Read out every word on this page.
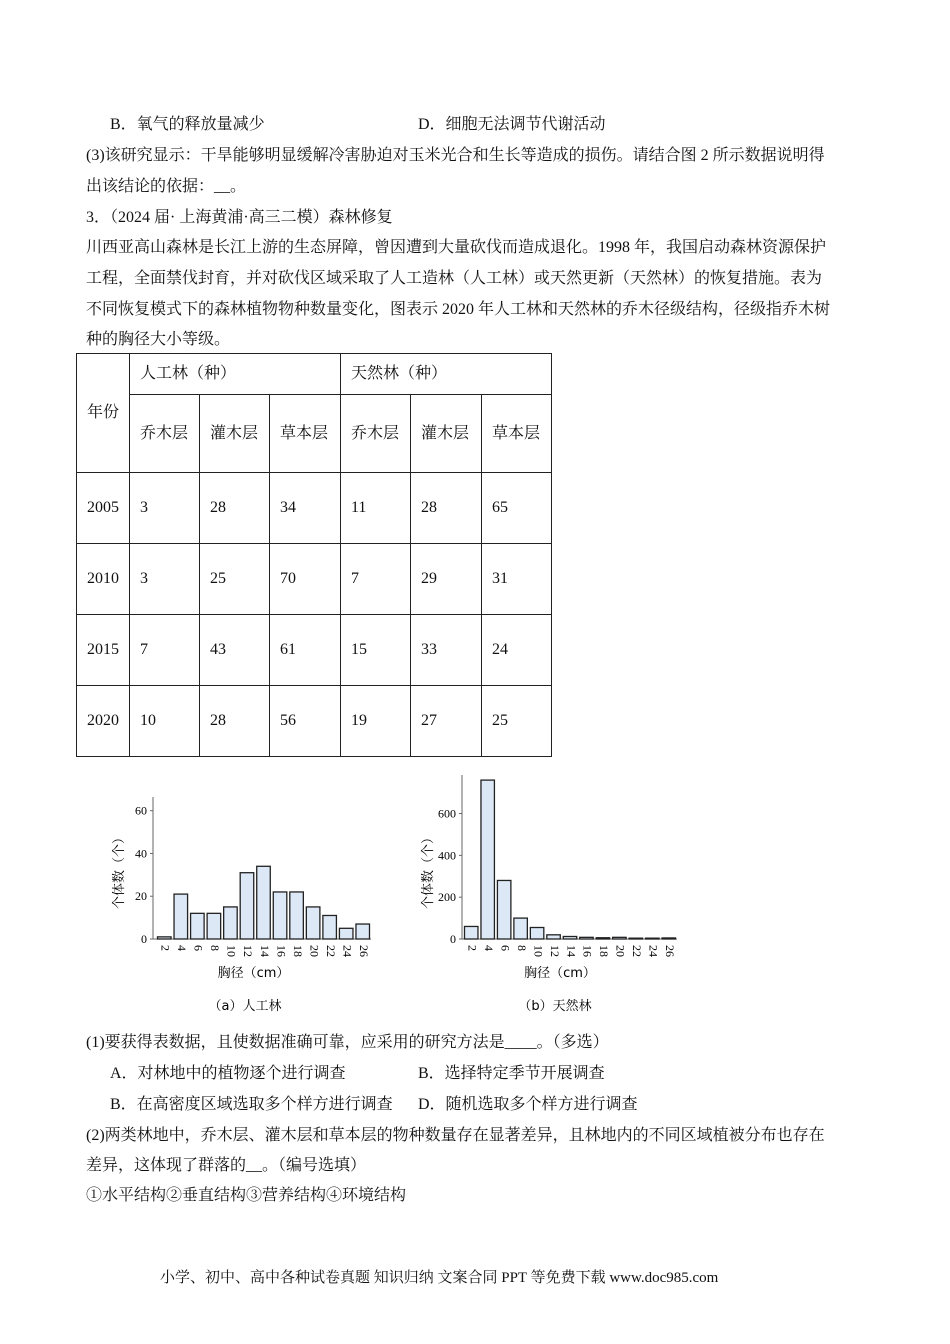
B．氧气的释放量减少	D．细胞无法调节代谢活动
(3)该研究显示：干旱能够明显缓解冷害胁迫对玉米光合和生长等造成的损伤。请结合图 2 所示数据说明得
出该结论的依据：__。
3．（2024 届· 上海黄浦·高三二模）森林修复
川西亚高山森林是长江上游的生态屏障，曾因遭到大量砍伐而造成退化。1998 年，我国启动森林资源保护
工程，全面禁伐封育，并对砍伐区域采取了人工造林（人工林）或天然更新（天然林）的恢复措施。表为
不同恢复模式下的森林植物物种数量变化，图表示 2020 年人工林和天然林的乔木径级结构，径级指乔木树
种的胸径大小等级。
年份	人工林（种）			天然林（种）		
	乔木层	灌木层	草本层	乔木层	灌木层	草本层
2005	3	28	34	11	28	65
2010	3	25	70	7	29	31
2015	7	43	61	15	33	24
2020	10	28	56	19	27	25
0
20
40
60
2 4 6 8 10 12 14 16 18 20 22 24 26
个体数（个）
胸径（cm）
（a）人工林
0
200
400
600
2 4 6 8 10 12 14 16 18 20 22 24 26
个体数（个）
胸径（cm）
（b）天然林
(1)要获得表数据，且使数据准确可靠，应采用的研究方法是____。（多选）
A．对林地中的植物逐个进行调查	B．选择特定季节开展调查
B．在高密度区域选取多个样方进行调查 D．随机选取多个样方进行调查
(2)两类林地中，乔木层、灌木层和草本层的物种数量存在显著差异，且林地内的不同区域植被分布也存在
差异，这体现了群落的__。（编号选填）
①水平结构②垂直结构③营养结构④环境结构
小学、初中、高中各种试卷真题 知识归纳 文案合同 PPT 等免费下载 www.doc985.com
